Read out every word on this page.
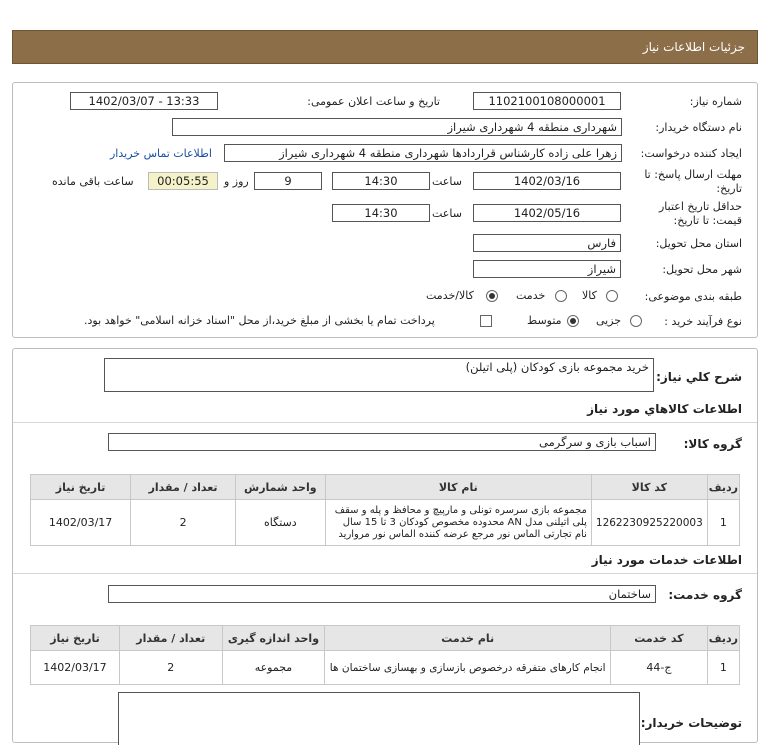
جزئیات اطلاعات نیاز
شماره نیاز:
1102100108000001
تاریخ و ساعت اعلان عمومی:
1402/03/07 - 13:33
نام دستگاه خریدار:
شهرداری منطقه 4 شهرداری شیراز
ایجاد کننده درخواست:
زهرا علی زاده کارشناس قراردادها شهرداری منطقه 4 شهرداری شیراز
اطلاعات تماس خریدار
مهلت ارسال پاسخ: تا
تاریخ:
1402/03/16
ساعت
14:30
9
روز و
00:05:55
ساعت باقی مانده
حداقل تاریخ اعتبار
قیمت: تا تاریخ:
1402/05/16
ساعت
14:30
استان محل تحویل:
فارس
شهر محل تحویل:
شیراز
طبقه بندی موضوعی:
کالا
خدمت
کالا/خدمت
نوع فرآیند خرید :
جزیی
متوسط
پرداخت تمام یا بخشی از مبلغ خرید،از محل "اسناد خزانه اسلامی" خواهد بود.
شرح کلي نياز:
خرید مجموعه بازی کودکان (پلی اتیلن)
اطلاعات کالاهاي مورد نياز
گروه کالا:
اسباب بازی و سرگرمی
ردیف	کد کالا	نام کالا	واحد شمارش	تعداد / مقدار	تاریخ نیاز
1	1262230925220003	مجموعه بازی سرسره تونلی و مارپیچ و محافظ و پله و سقف پلی اتیلنی مدل AN محدوده مخصوص کودکان 3 تا 15 سال نام تجارتی الماس نور مرجع عرضه کننده الماس نور مروارید	دستگاه	2	1402/03/17
اطلاعات خدمات مورد نياز
گروه خدمت:
ساختمان
ردیف	کد خدمت	نام خدمت	واحد اندازه گیری	تعداد / مقدار	تاریخ نیاز
1	ج-44	انجام کارهای متفرقه درخصوص بازسازی و بهسازی ساختمان ها	مجموعه	2	1402/03/17
توضیحات خریدار:
